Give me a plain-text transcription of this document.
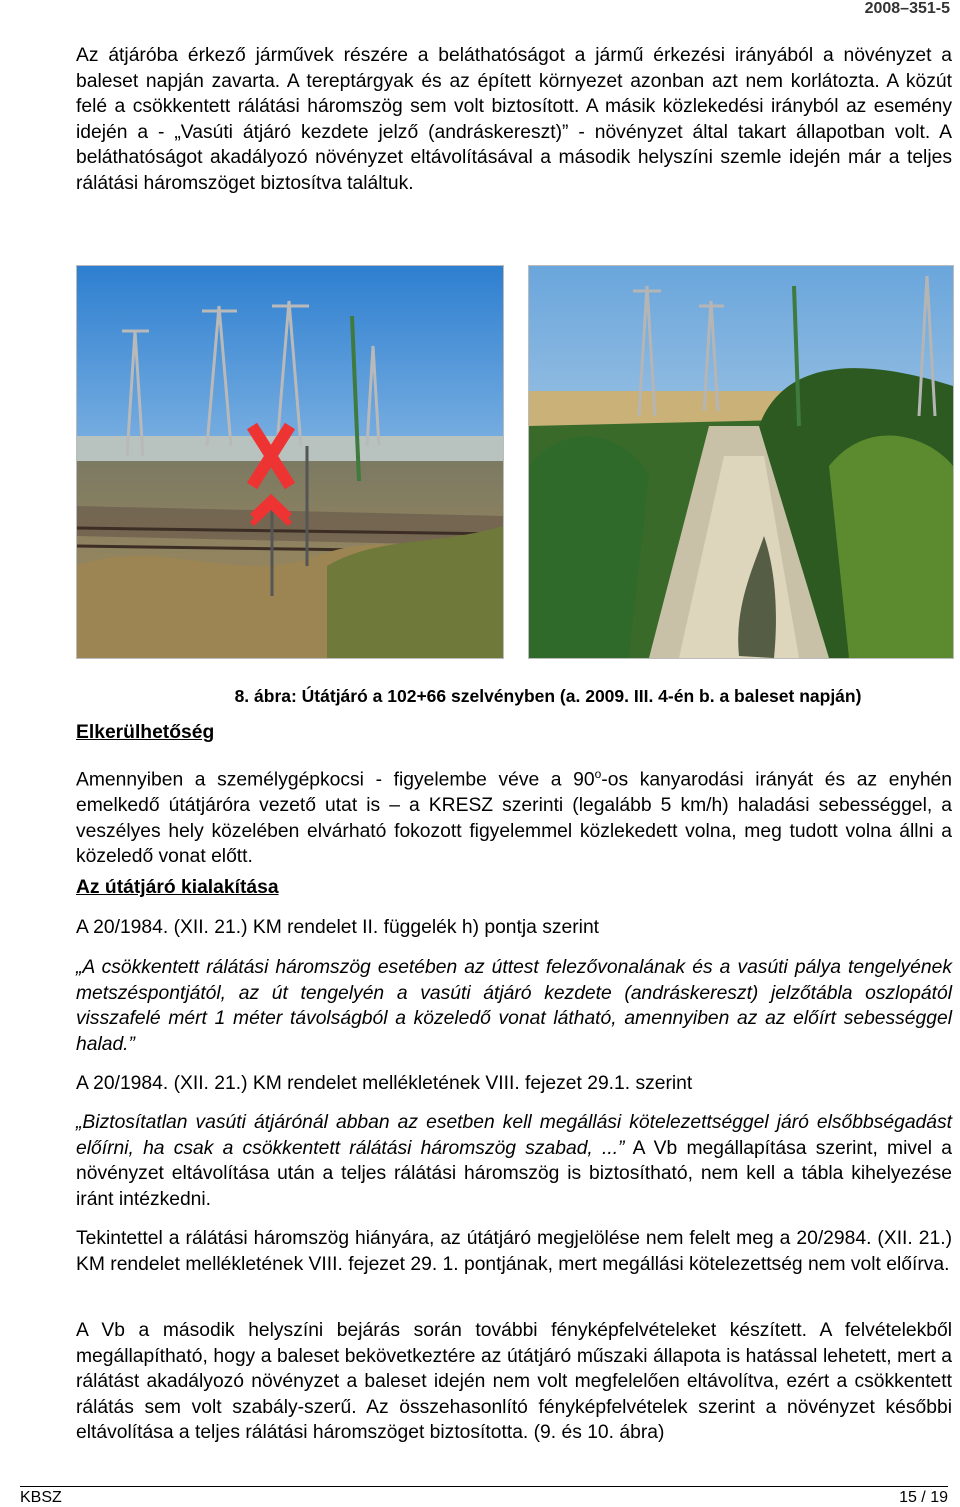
2008–351-5

Az átjáróba érkező járművek részére a beláthatóságot a jármű érkezési irányából a növényzet a baleset napján zavarta. A tereptárgyak és az épített környezet azonban azt nem korlátozta. A közút felé a csökkentett rálátási háromszög sem volt biztosított. A másik közlekedési irányból az esemény idején a - „Vasúti átjáró kezdete jelző (andráskereszt)” - növényzet által takart állapotban volt. A beláthatóságot akadályozó növényzet eltávolításával a második helyszíni szemle idején már a teljes rálátási háromszöget biztosítva találtuk.

8. ábra: Útátjáró a 102+66 szelvényben (a. 2009. III. 4-én b. a baleset napján)
Elkerülhetőség

Amennyiben a személygépkocsi - figyelembe véve a 90$^o$-os kanyarodási irányát és az enyhén emelkedő útátjáróra vezető utat is – a KRESZ szerinti (legalább 5 km/h) haladási sebességgel, a veszélyes hely közelében elvárható fokozott figyelemmel közlekedett volna, meg tudott volna állni a közeledő vonat előtt.

Az útátjáró kialakítása

A 20/1984. (XII. 21.) KM rendelet II. függelék h) pontja szerint

„A csökkentett rálátási háromszög esetében az úttest felezővonalának és a vasúti pálya tengelyének metszéspontjától, az út tengelyén a vasúti átjáró kezdete (andráskereszt) jelzőtábla oszlopától visszafelé mért 1 méter távolságból a közeledő vonat látható, amennyiben az az előírt sebességgel halad.”

A 20/1984. (XII. 21.) KM rendelet mellékletének VIII. fejezet 29.1. szerint

„Biztosítatlan vasúti átjárónál abban az esetben kell megállási kötelezettséggel járó elsőbbségadást előírni, ha csak a csökkentett rálátási háromszög szabad, ...” A Vb megállapítása szerint, mivel a növényzet eltávolítása után a teljes rálátási háromszög is biztosítható, nem kell a tábla kihelyezése iránt intézkedni.

Tekintettel a rálátási háromszög hiányára, az útátjáró megjelölése nem felelt meg a 20/2984. (XII. 21.) KM rendelet mellékletének VIII. fejezet 29. 1. pontjának, mert megállási kötelezettség nem volt előírva.

A Vb a második helyszíni bejárás során további fényképfelvételeket készített. A felvételekből megállapítható, hogy a baleset bekövetkeztére az útátjáró műszaki állapota is hatással lehetett, mert a rálátást akadályozó növényzet a baleset idején nem volt megfelelően eltávolítva, ezért a csökkentett rálátás sem volt szabály-szerű. Az összehasonlító fényképfelvételek szerint a növényzet későbbi eltávolítása a teljes rálátási háromszöget biztosította. (9. és 10. ábra)

KBSZ	15 / 19
